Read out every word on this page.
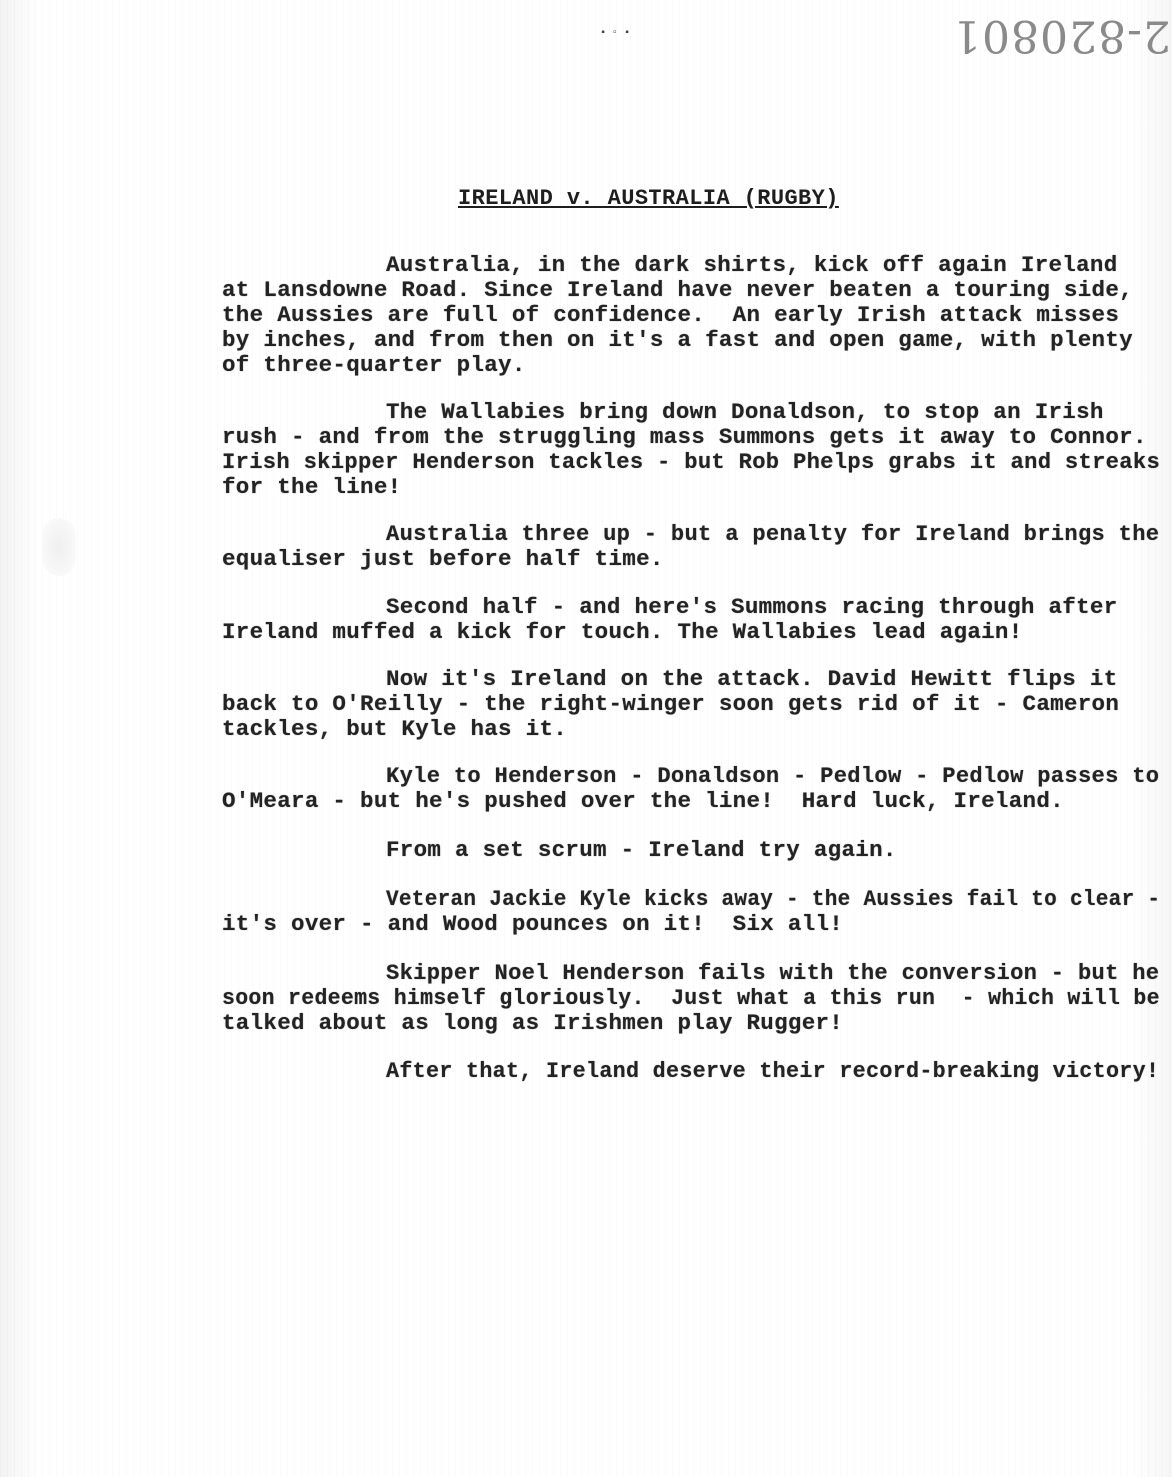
2-820801
▪ ▫ ▪
IRELAND v. AUSTRALIA (RUGBY)
Australia, in the dark shirts, kick off again Ireland
at Lansdowne Road. Since Ireland have never beaten a touring side,
the Aussies are full of confidence.  An early Irish attack misses
by inches, and from then on it's a fast and open game, with plenty
of three-quarter play.
The Wallabies bring down Donaldson, to stop an Irish
rush - and from the struggling mass Summons gets it away to Connor.
Irish skipper Henderson tackles - but Rob Phelps grabs it and streaks
for the line!
Australia three up - but a penalty for Ireland brings the
equaliser just before half time.
Second half - and here's Summons racing through after
Ireland muffed a kick for touch. The Wallabies lead again!
Now it's Ireland on the attack. David Hewitt flips it
back to O'Reilly - the right-winger soon gets rid of it - Cameron
tackles, but Kyle has it.
Kyle to Henderson - Donaldson - Pedlow - Pedlow passes to
O'Meara - but he's pushed over the line!  Hard luck, Ireland.
From a set scrum - Ireland try again.
Veteran Jackie Kyle kicks away - the Aussies fail to clear -
it's over - and Wood pounces on it!  Six all!
Skipper Noel Henderson fails with the conversion - but he
soon redeems himself gloriously.  Just what a this run  - which will be
talked about as long as Irishmen play Rugger!
After that, Ireland deserve their record-breaking victory!
